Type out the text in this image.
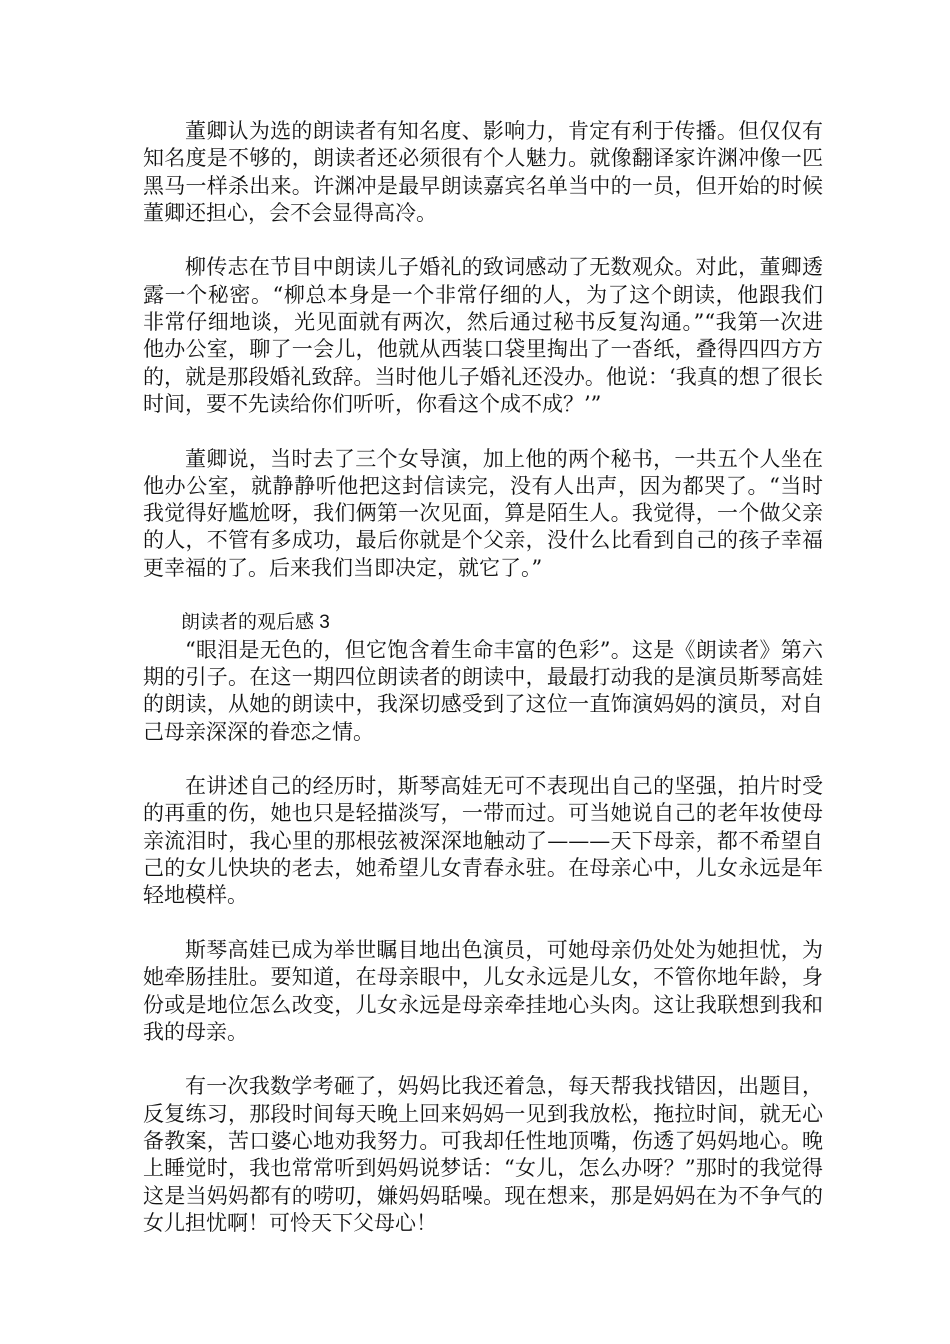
董卿认为选的朗读者有知名度、影响力，肯定有利于传播。但仅仅有知名度是不够的，朗读者还必须很有个人魅力。就像翻译家许渊冲像一匹黑马一样杀出来。许渊冲是最早朗读嘉宾名单当中的一员，但开始的时候董卿还担心，会不会显得高冷。

柳传志在节目中朗读儿子婚礼的致词感动了无数观众。对此，董卿透露一个秘密。“柳总本身是一个非常仔细的人，为了这个朗读，他跟我们非常仔细地谈，光见面就有两次，然后通过秘书反复沟通。”“我第一次进他办公室，聊了一会儿，他就从西装口袋里掏出了一沓纸，叠得四四方方的，就是那段婚礼致辞。当时他儿子婚礼还没办。他说：‘我真的想了很长时间，要不先读给你们听听，你看这个成不成？’”

董卿说，当时去了三个女导演，加上他的两个秘书，一共五个人坐在他办公室，就静静听他把这封信读完，没有人出声，因为都哭了。“当时我觉得好尴尬呀，我们俩第一次见面，算是陌生人。我觉得，一个做父亲的人，不管有多成功，最后你就是个父亲，没什么比看到自己的孩子幸福更幸福的了。后来我们当即决定，就它了。”

朗读者的观后感 3

“眼泪是无色的，但它饱含着生命丰富的色彩”。这是《朗读者》第六期的引子。在这一期四位朗读者的朗读中，最最打动我的是演员斯琴高娃的朗读，从她的朗读中，我深切感受到了这位一直饰演妈妈的演员，对自己母亲深深的眷恋之情。

在讲述自己的经历时，斯琴高娃无可不表现出自己的坚强，拍片时受的再重的伤，她也只是轻描淡写，一带而过。可当她说自己的老年妆使母亲流泪时，我心里的那根弦被深深地触动了———天下母亲，都不希望自己的女儿快块的老去，她希望儿女青春永驻。在母亲心中，儿女永远是年轻地模样。

斯琴高娃已成为举世瞩目地出色演员，可她母亲仍处处为她担忧，为她牵肠挂肚。要知道，在母亲眼中，儿女永远是儿女，不管你地年龄，身份或是地位怎么改变，儿女永远是母亲牵挂地心头肉。这让我联想到我和我的母亲。

有一次我数学考砸了，妈妈比我还着急，每天帮我找错因，出题目，反复练习，那段时间每天晚上回来妈妈一见到我放松，拖拉时间，就无心备教案，苦口婆心地劝我努力。可我却任性地顶嘴，伤透了妈妈地心。晚上睡觉时，我也常常听到妈妈说梦话：“女儿，怎么办呀？”那时的我觉得这是当妈妈都有的唠叨，嫌妈妈聒噪。现在想来，那是妈妈在为不争气的女儿担忧啊！可怜天下父母心！
